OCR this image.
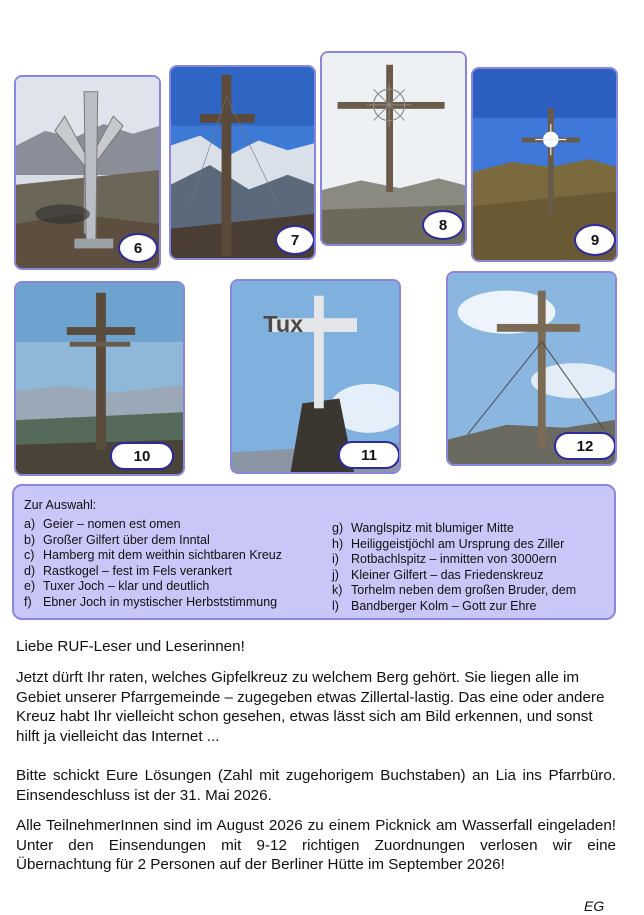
6	7
8
9
10
Tux
11
12
Zur Auswahl:
a) Geier – nomen est omen
b) Großer Gilfert über dem Inntal
c) Hamberg mit dem weithin sichtbaren Kreuz
d) Rastkogel – fest im Fels verankert
e) Tuxer Joch – klar und deutlich
f) Ebner Joch in mystischer Herbststimmung
g) Wanglspitz mit blumiger Mitte
h) Heiliggeistjöchl am Ursprung des Ziller
i) Rotbachlspitz – inmitten von 3000ern
j) Kleiner Gilfert – das Friedenskreuz
k) Torhelm neben dem großen Bruder, dem
l) Bandberger Kolm – Gott zur Ehre
Liebe RUF-Leser und Leserinnen!
Jetzt dürft Ihr raten, welches Gipfelkreuz zu welchem Berg gehört. Sie liegen alle im Gebiet unserer Pfarrgemeinde – zugegeben etwas Zillertal-lastig. Das eine oder andere Kreuz habt Ihr vielleicht schon gesehen, etwas lässt sich am Bild erkennen, und sonst hilft ja vielleicht das Internet ...
Bitte schickt Eure Lösungen (Zahl mit zugehorigem Buchstaben) an Lia ins Pfarrbüro. Einsendeschluss ist der 31. Mai 2026.
Alle TeilnehmerInnen sind im August 2026 zu einem Picknick am Wasserfall eingeladen! Unter den Einsendungen mit 9-12 richtigen Zuordnungen verlosen wir eine Übernachtung für 2 Personen auf der Berliner Hütte im September 2026!
EG
